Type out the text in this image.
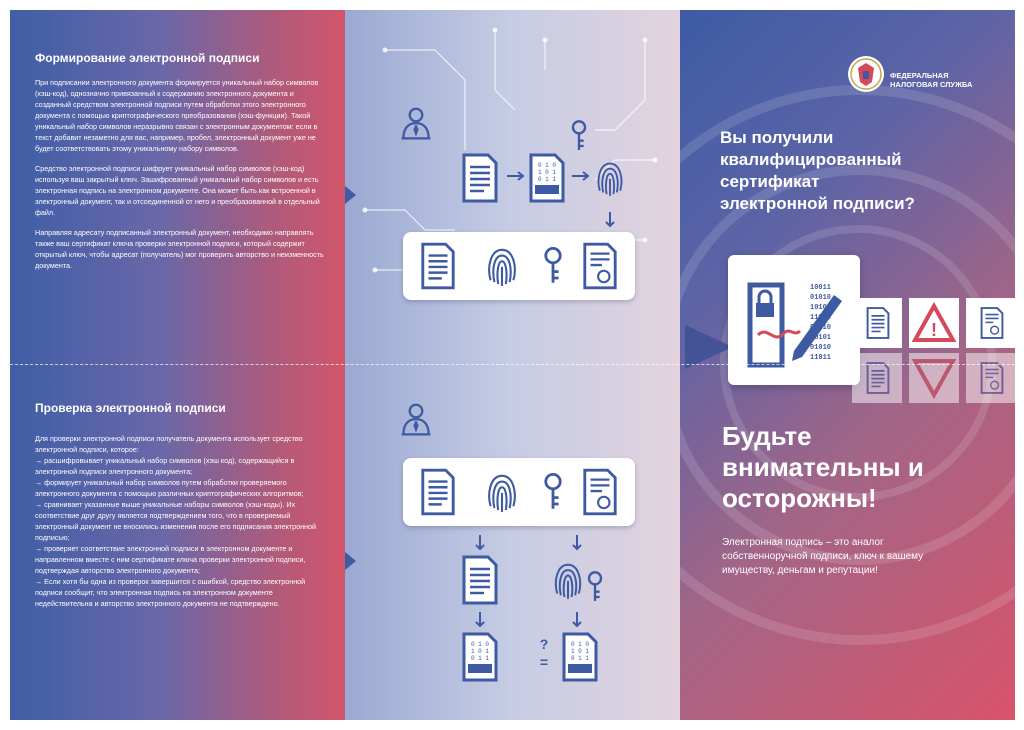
Формирование электронной подписи

При подписании электронного документа формируется уникальный набор символов (хэш-код), однозначно привязанный к содержанию электронного документа и созданный средством электронной подписи путем обработки этого электронного документа с помощью криптографического преобразования (хэш-функции). Такой уникальный набор символов неразрывно связан с электронным документом: если в текст добавит незаметно для вас, например, пробел, электронный документ уже не будет соответствовать этому уникальному набору символов.

Средство электронной подписи шифрует уникальный набор символов (хэш-код) используя ваш закрытый ключ. Зашифрованный уникальный набор символов и есть электронная подпись на электронном документе. Она может быть как встроенной в электронный документ, так и отсоединенной от него и преобразованной в отдельный файл.

Направляя адресату подписанный электронный документ, необходимо направлять также ваш сертификат ключа проверки электронной подписи, который содержит открытый ключ, чтобы адресат (получатель) мог проверить авторство и неизменность документа.

Проверка электронной подписи

Для проверки электронной подписи получатель документа использует средство электронной подписи, которое:

→ расшифровывает уникальный набор символов (хэш код), содержащийся в электронной подписи электронного документа;
→ формирует уникальный набор символов путем обработки проверяемого электронного документа с помощью различных криптографических алгоритмов;
→ сравнивает указанные выше уникальные наборы символов (хэш-коды). Их соответствие друг другу является подтверждением того, что в проверяемый электронный документ не вносились изменения после его подписания электронной подписью;
→ проверяет соответствие электронной подписи в электронном документе и направленном вместе с ним сертификате ключа проверки электронной подписи, подтверждая авторство электронного документа;
→ Если хотя бы одна из проверок завершится с ошибкой, средство электронной подписи сообщит, что электронная подпись на электронном документе недействительна и авторство электронного документа не подтверждено.
?
=
ФЕДЕРАЛЬНАЯ
НАЛОГОВАЯ СЛУЖБА
Вы получили квалифицированный сертификат электронной подписи?
10011
01010
10101
11010
01010
10101
01010
11011
!
Будьте внимательны и осторожны!

Электронная подпись – это аналог собственноручной подписи, ключ к вашему имуществу, деньгам и репутации!
